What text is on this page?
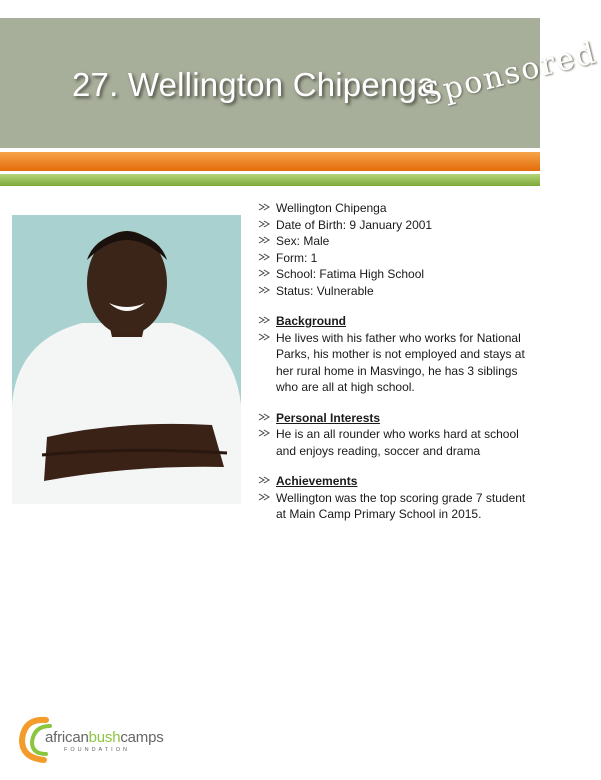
27. Wellington Chipenga
Sponsored
Wellington Chipenga
Date of Birth: 9 January 2001
Sex: Male
Form: 1
School: Fatima High School
Status: Vulnerable
Background
He lives with his father who works for National Parks, his mother is not employed and stays at her rural home in Masvingo, he has 3 siblings who are all at high school.
Personal Interests
He is an all rounder who works hard at school and enjoys reading, soccer and drama
Achievements
Wellington was the top scoring grade 7 student at Main Camp Primary School in 2015.
africanbushcamps
FOUNDATION
